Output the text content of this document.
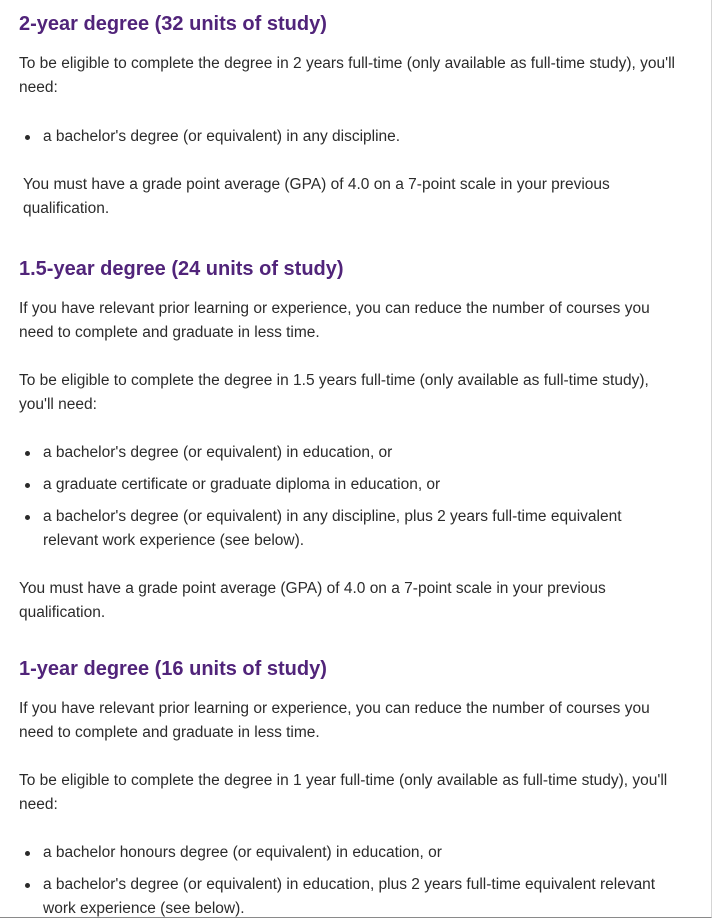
2-year degree (32 units of study)

To be eligible to complete the degree in 2 years full-time (only available as full-time study), you'll need:

a bachelor's degree (or equivalent) in any discipline.

You must have a grade point average (GPA) of 4.0 on a 7-point scale in your previous qualification.

1.5-year degree (24 units of study)

If you have relevant prior learning or experience, you can reduce the number of courses you need to complete and graduate in less time.

To be eligible to complete the degree in 1.5 years full-time (only available as full-time study), you'll need:

a bachelor's degree (or equivalent) in education, or
a graduate certificate or graduate diploma in education, or
a bachelor's degree (or equivalent) in any discipline, plus 2 years full-time equivalent relevant work experience (see below).

You must have a grade point average (GPA) of 4.0 on a 7-point scale in your previous qualification.

1-year degree (16 units of study)

If you have relevant prior learning or experience, you can reduce the number of courses you need to complete and graduate in less time.

To be eligible to complete the degree in 1 year full-time (only available as full-time study), you'll need:

a bachelor honours degree (or equivalent) in education, or
a bachelor's degree (or equivalent) in education, plus 2 years full-time equivalent relevant work experience (see below).
